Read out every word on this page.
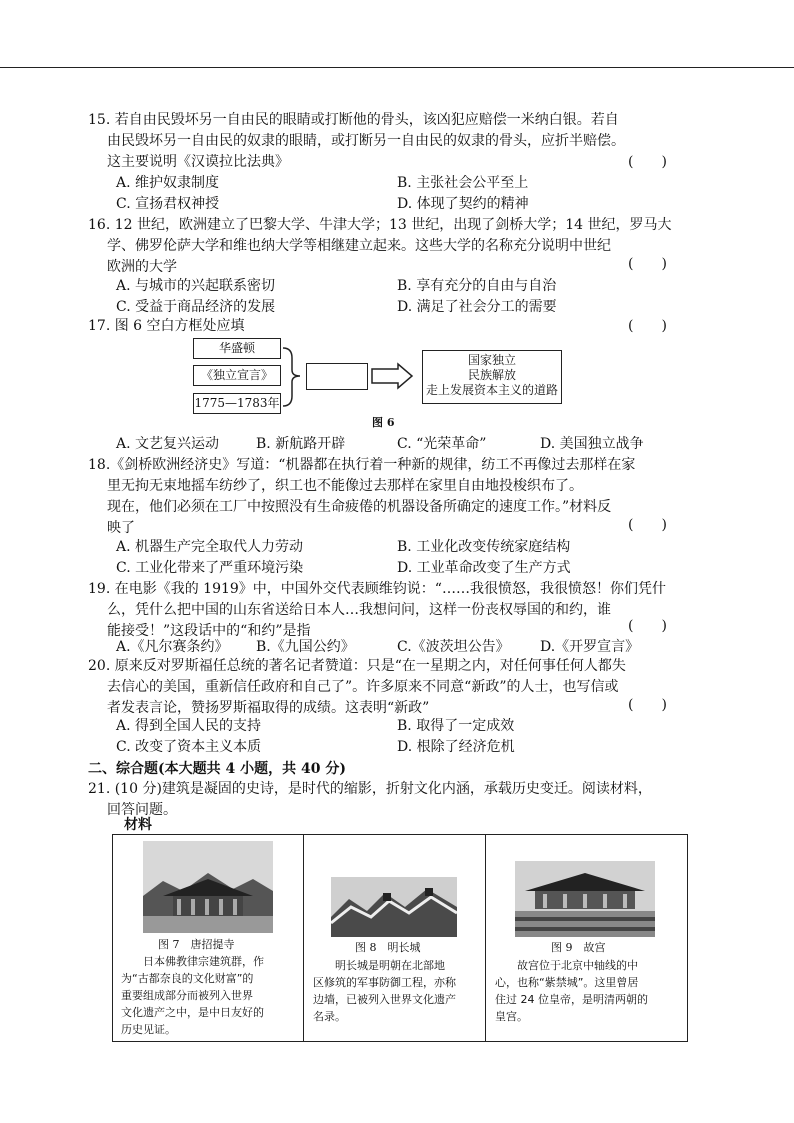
15. 若自由民毁坏另一自由民的眼睛或打断他的骨头，该凶犯应赔偿一米纳白银。若自
由民毁坏另一自由民的奴隶的眼睛，或打断另一自由民的奴隶的骨头，应折半赔偿。
这主要说明《汉谟拉比法典》	(　　)
A. 维护奴隶制度	B. 主张社会公平至上
C. 宣扬君权神授	D. 体现了契约的精神
16. 12 世纪，欧洲建立了巴黎大学、牛津大学；13 世纪，出现了剑桥大学；14 世纪，罗马大
学、佛罗伦萨大学和维也纳大学等相继建立起来。这些大学的名称充分说明中世纪
欧洲的大学	(　　)
A. 与城市的兴起联系密切	B. 享有充分的自由与自治
C. 受益于商品经济的发展	D. 满足了社会分工的需要
17. 图 6 空白方框处应填	(　　)
华盛顿
《独立宣言》
1775—1783年
国家独立
民族解放
走上发展资本主义的道路
图 6
A. 文艺复兴运动	B. 新航路开辟	C. “光荣革命”	D. 美国独立战争
18.《剑桥欧洲经济史》写道：“机器都在执行着一种新的规律，纺工不再像过去那样在家
里无拘无束地摇车纺纱了，织工也不能像过去那样在家里自由地投梭织布了。
现在，他们必须在工厂中按照没有生命疲倦的机器设备所确定的速度工作。”材料反
映了	(　　)
A. 机器生产完全取代人力劳动	B. 工业化改变传统家庭结构
C. 工业化带来了严重环境污染	D. 工业革命改变了生产方式
19. 在电影《我的 1919》中，中国外交代表顾维钧说：“……我很愤怒，我很愤怒！你们凭什
么，凭什么把中国的山东省送给日本人…我想问问，这样一份丧权辱国的和约，谁
能接受！”这段话中的“和约”是指	(　　)
A.《凡尔赛条约》 B.《九国公约》	C.《波茨坦公告》 D.《开罗宣言》
20. 原来反对罗斯福任总统的著名记者赞道：只是“在一星期之内，对任何事任何人都失
去信心的美国，重新信任政府和自己了”。许多原来不同意“新政”的人士，也写信或
者发表言论，赞扬罗斯福取得的成绩。这表明“新政”	(　　)
A. 得到全国人民的支持	B. 取得了一定成效
C. 改变了资本主义本质	D. 根除了经济危机
二、综合题(本大题共 4 小题，共 40 分)
21. (10 分)建筑是凝固的史诗，是时代的缩影，折射文化内涵，承载历史变迁。阅读材料，
回答问题。
材料
图 7　唐招提寺
日本佛教律宗建筑群，作
为“古都奈良的文化财富”的
重要组成部分而被列入世界
文化遗产之中，是中日友好的
历史见证。
图 8　明长城
明长城是明朝在北部地
区修筑的军事防御工程，亦称
边墙，已被列入世界文化遗产
名录。
图 9　故宫
故宫位于北京中轴线的中
心，也称“紫禁城”。这里曾居
住过 24 位皇帝，是明清两朝的
皇宫。
